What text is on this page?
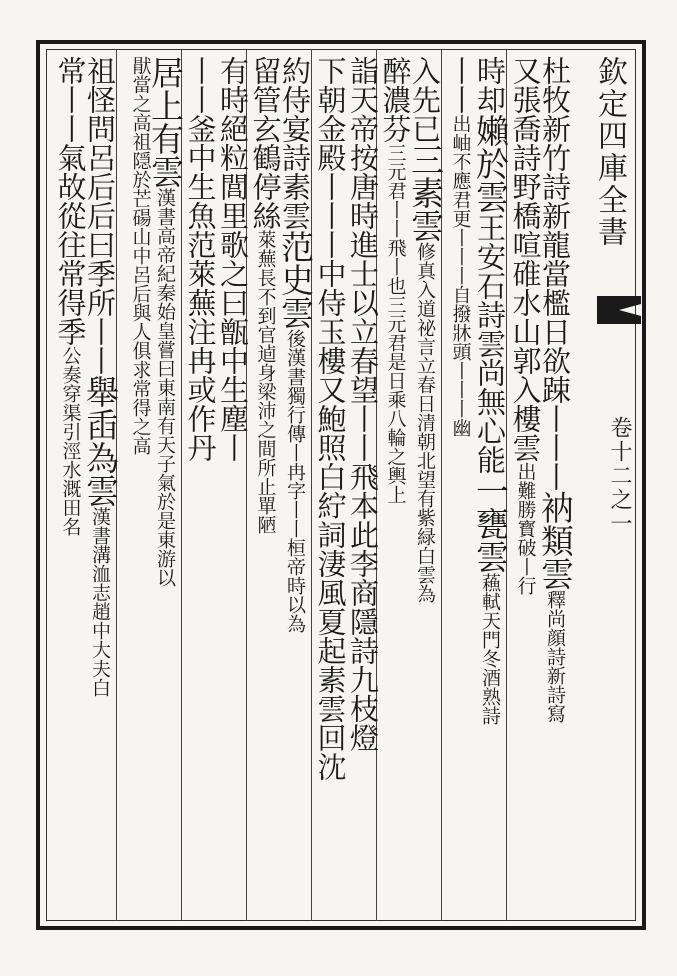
欽定四庫全書
卷十二之一
杜牧新竹詩新龍當檻日欲踈丨丨丨衲類雲釋尚顔詩新詩寫
又張喬詩野橋喧碓水山郭入樓雲出難勝寳破丨行
時却嬾於雲王安石詩雲尚無心能一甕雲蘓軾天門冬酒熟詩
丨丨出岫不應君更丨丨丨自撥牀頭丨丨丨幽
入先已三素雲修真入道祕言立春日清朝北望有紫緑白雲為
醉濃芬三元君丨丨飛丨也三元君是日乘八輪之輿上
詣天帝按唐時進士以立春望丨丨飛本此李商隱詩九枝燈
下朝金殿丨丨丨中侍玉樓又鮑照白紵詞淒風夏起素雲回沈
約侍宴詩素雲范史雲後漢書獨行傳丨冉字丨丨桓帝時以為
留管玄鶴停絲萊蕪長不到官逌身梁沛之間所止單陋
有時絕粒閭里歌之曰甑中生塵丨
丨丨釜中生魚范萊蕪注冉或作丹
居上有雲漢書高帝紀秦始皇嘗曰東南有天子氣於是東游以
猒當之高祖隠於芒碭山中呂后與人俱求常得之高
祖怪問呂后后曰季所丨丨舉臿為雲漢書溝洫志趙中大夫白
常丨丨氣故從往常得季公奏穿渠引涇水溉田名
